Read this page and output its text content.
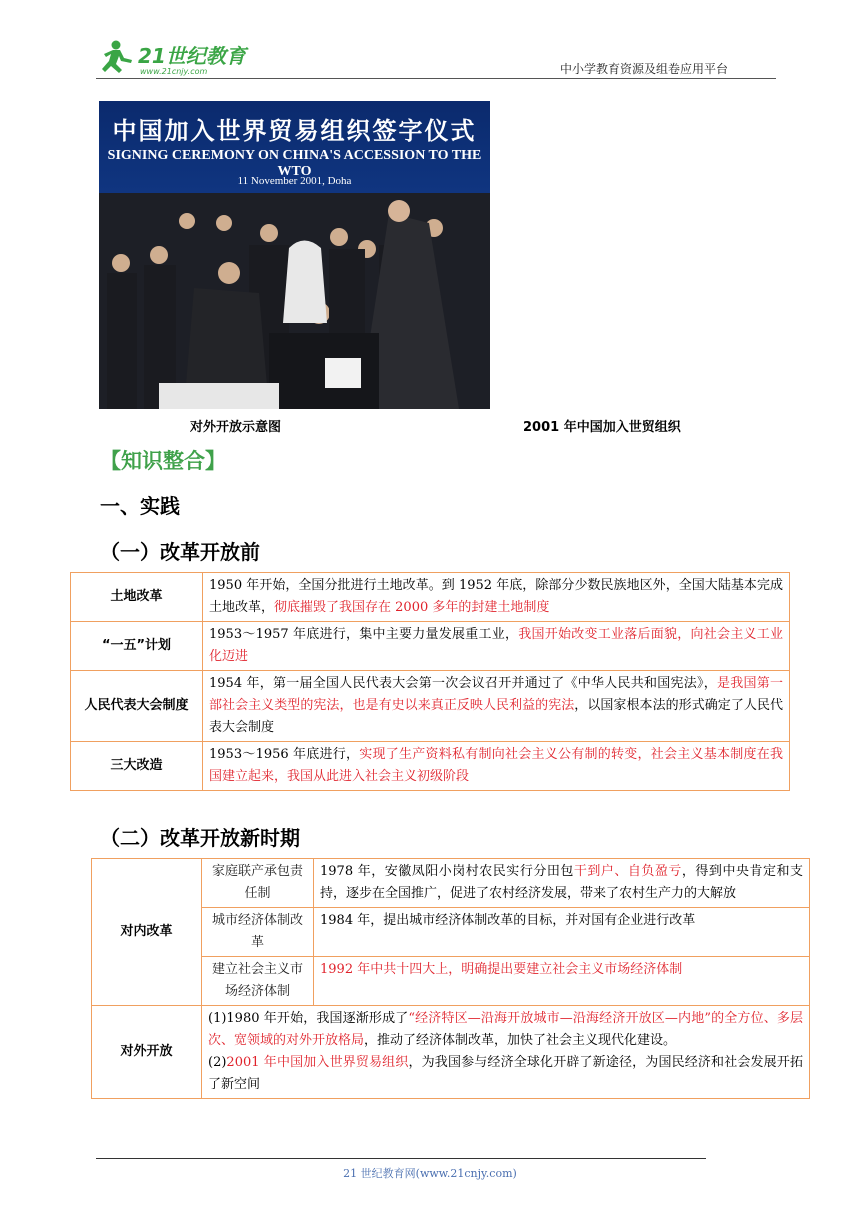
21世纪教育
www.21cnjy.com	中小学教育资源及组卷应用平台
中国加入世界贸易组织签字仪式
SIGNING CEREMONY ON CHINA'S ACCESSION TO THE WTO
11 November 2001, Doha
对外开放示意图	2001 年中国加入世贸组织
【知识整合】
一、实践
（一）改革开放前
土地改革	1950 年开始，全国分批进行土地改革。到 1952 年底，除部分少数民族地区外，全国大陆基本完成土地改革，彻底摧毁了我国存在 2000 多年的封建土地制度
“一五”计划	1953～1957 年底进行，集中主要力量发展重工业，我国开始改变工业落后面貌，向社会主义工业化迈进
人民代表大会制度	1954 年，第一届全国人民代表大会第一次会议召开并通过了《中华人民共和国宪法》，是我国第一部社会主义类型的宪法，也是有史以来真正反映人民利益的宪法，以国家根本法的形式确定了人民代表大会制度
三大改造	1953～1956 年底进行，实现了生产资料私有制向社会主义公有制的转变，社会主义基本制度在我国建立起来，我国从此进入社会主义初级阶段
（二）改革开放新时期
对内改革	家庭联产承包责任制	1978 年，安徽凤阳小岗村农民实行分田包干到户、自负盈亏，得到中央肯定和支持，逐步在全国推广，促进了农村经济发展，带来了农村生产力的大解放
	城市经济体制改革	1984 年，提出城市经济体制改革的目标，并对国有企业进行改革
	建立社会主义市场经济体制	1992 年中共十四大上，明确提出要建立社会主义市场经济体制
对外开放	(1)1980 年开始，我国逐渐形成了“经济特区—沿海开放城市—沿海经济开放区—内地”的全方位、多层次、宽领域的对外开放格局，推动了经济体制改革，加快了社会主义现代化建设。
(2)2001 年中国加入世界贸易组织，为我国参与经济全球化开辟了新途径，为国民经济和社会发展开拓了新空间	
21 世纪教育网(www.21cnjy.com)
